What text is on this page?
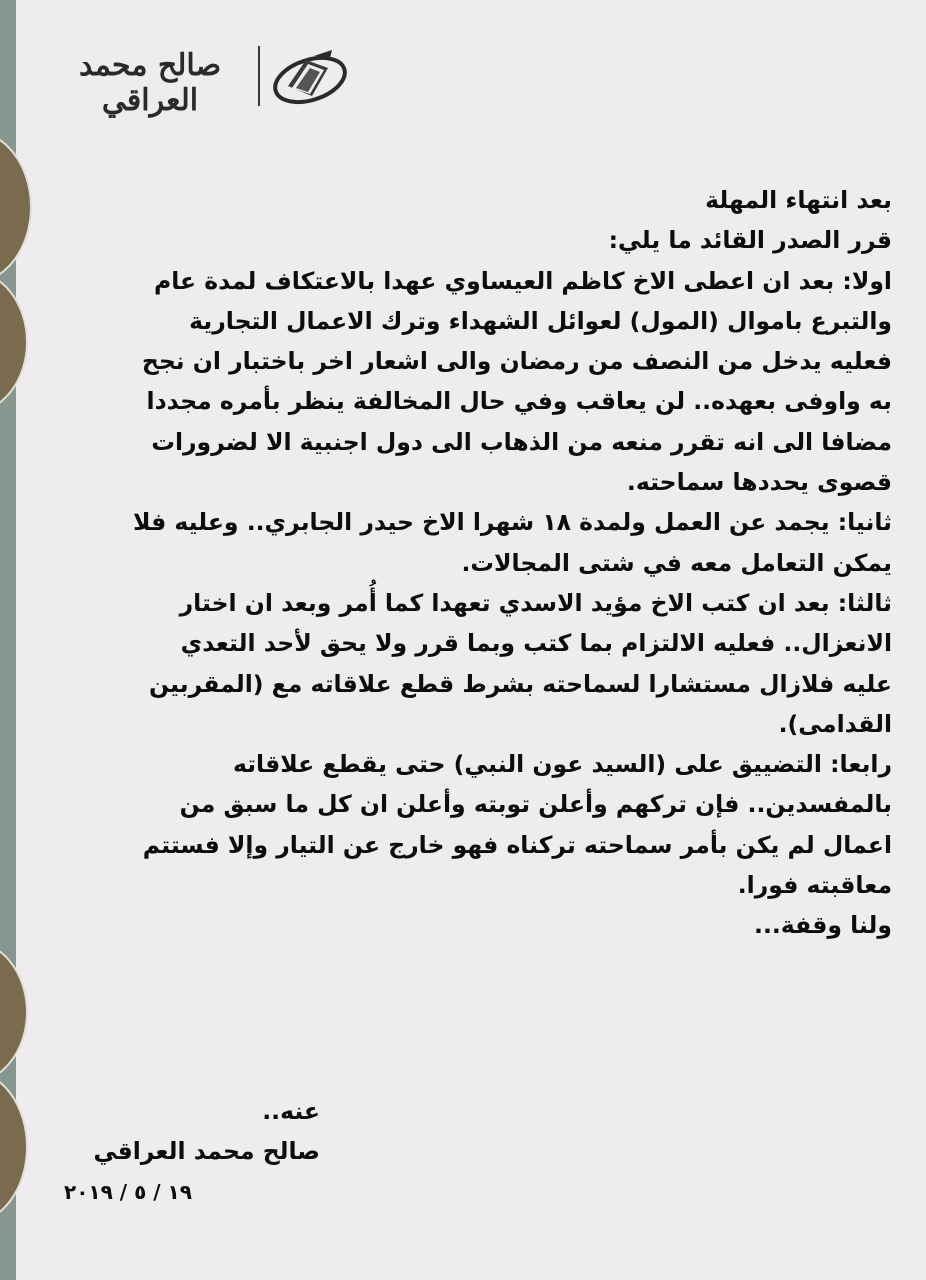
صالح محمد العراقي

بعد انتهاء المهلة

قرر الصدر القائد ما يلي:

اولا: بعد ان اعطى الاخ كاظم العيساوي عهدا بالاعتكاف لمدة عام

والتبرع باموال (المول) لعوائل الشهداء وترك الاعمال التجارية

فعليه يدخل من النصف من رمضان والى اشعار اخر باختبار ان نجح

به واوفى بعهده.. لن يعاقب وفي حال المخالفة ينظر بأمره مجددا

مضافا الى انه تقرر منعه من الذهاب الى دول اجنبية الا لضرورات

قصوى يحددها سماحته.

ثانيا: يجمد عن العمل ولمدة ١٨ شهرا الاخ حيدر الجابري.. وعليه فلا

يمكن التعامل معه في شتى المجالات.

ثالثا: بعد ان كتب الاخ مؤيد الاسدي تعهدا كما أُمر وبعد ان اختار

الانعزال.. فعليه الالتزام بما كتب وبما قرر ولا يحق لأحد التعدي

عليه فلازال مستشارا لسماحته بشرط قطع علاقاته مع (المقربين

القدامى).

رابعا: التضييق على (السيد عون النبي) حتى يقطع علاقاته

بالمفسدين.. فإن تركهم وأعلن توبته وأعلن ان كل ما سبق من

اعمال لم يكن بأمر سماحته تركناه فهو خارج عن التيار وإلا فستتم

معاقبته فورا.

ولنا وقفة...

عنه..

صالح محمد العراقي

١٩ / ٥ / ٢٠١٩
